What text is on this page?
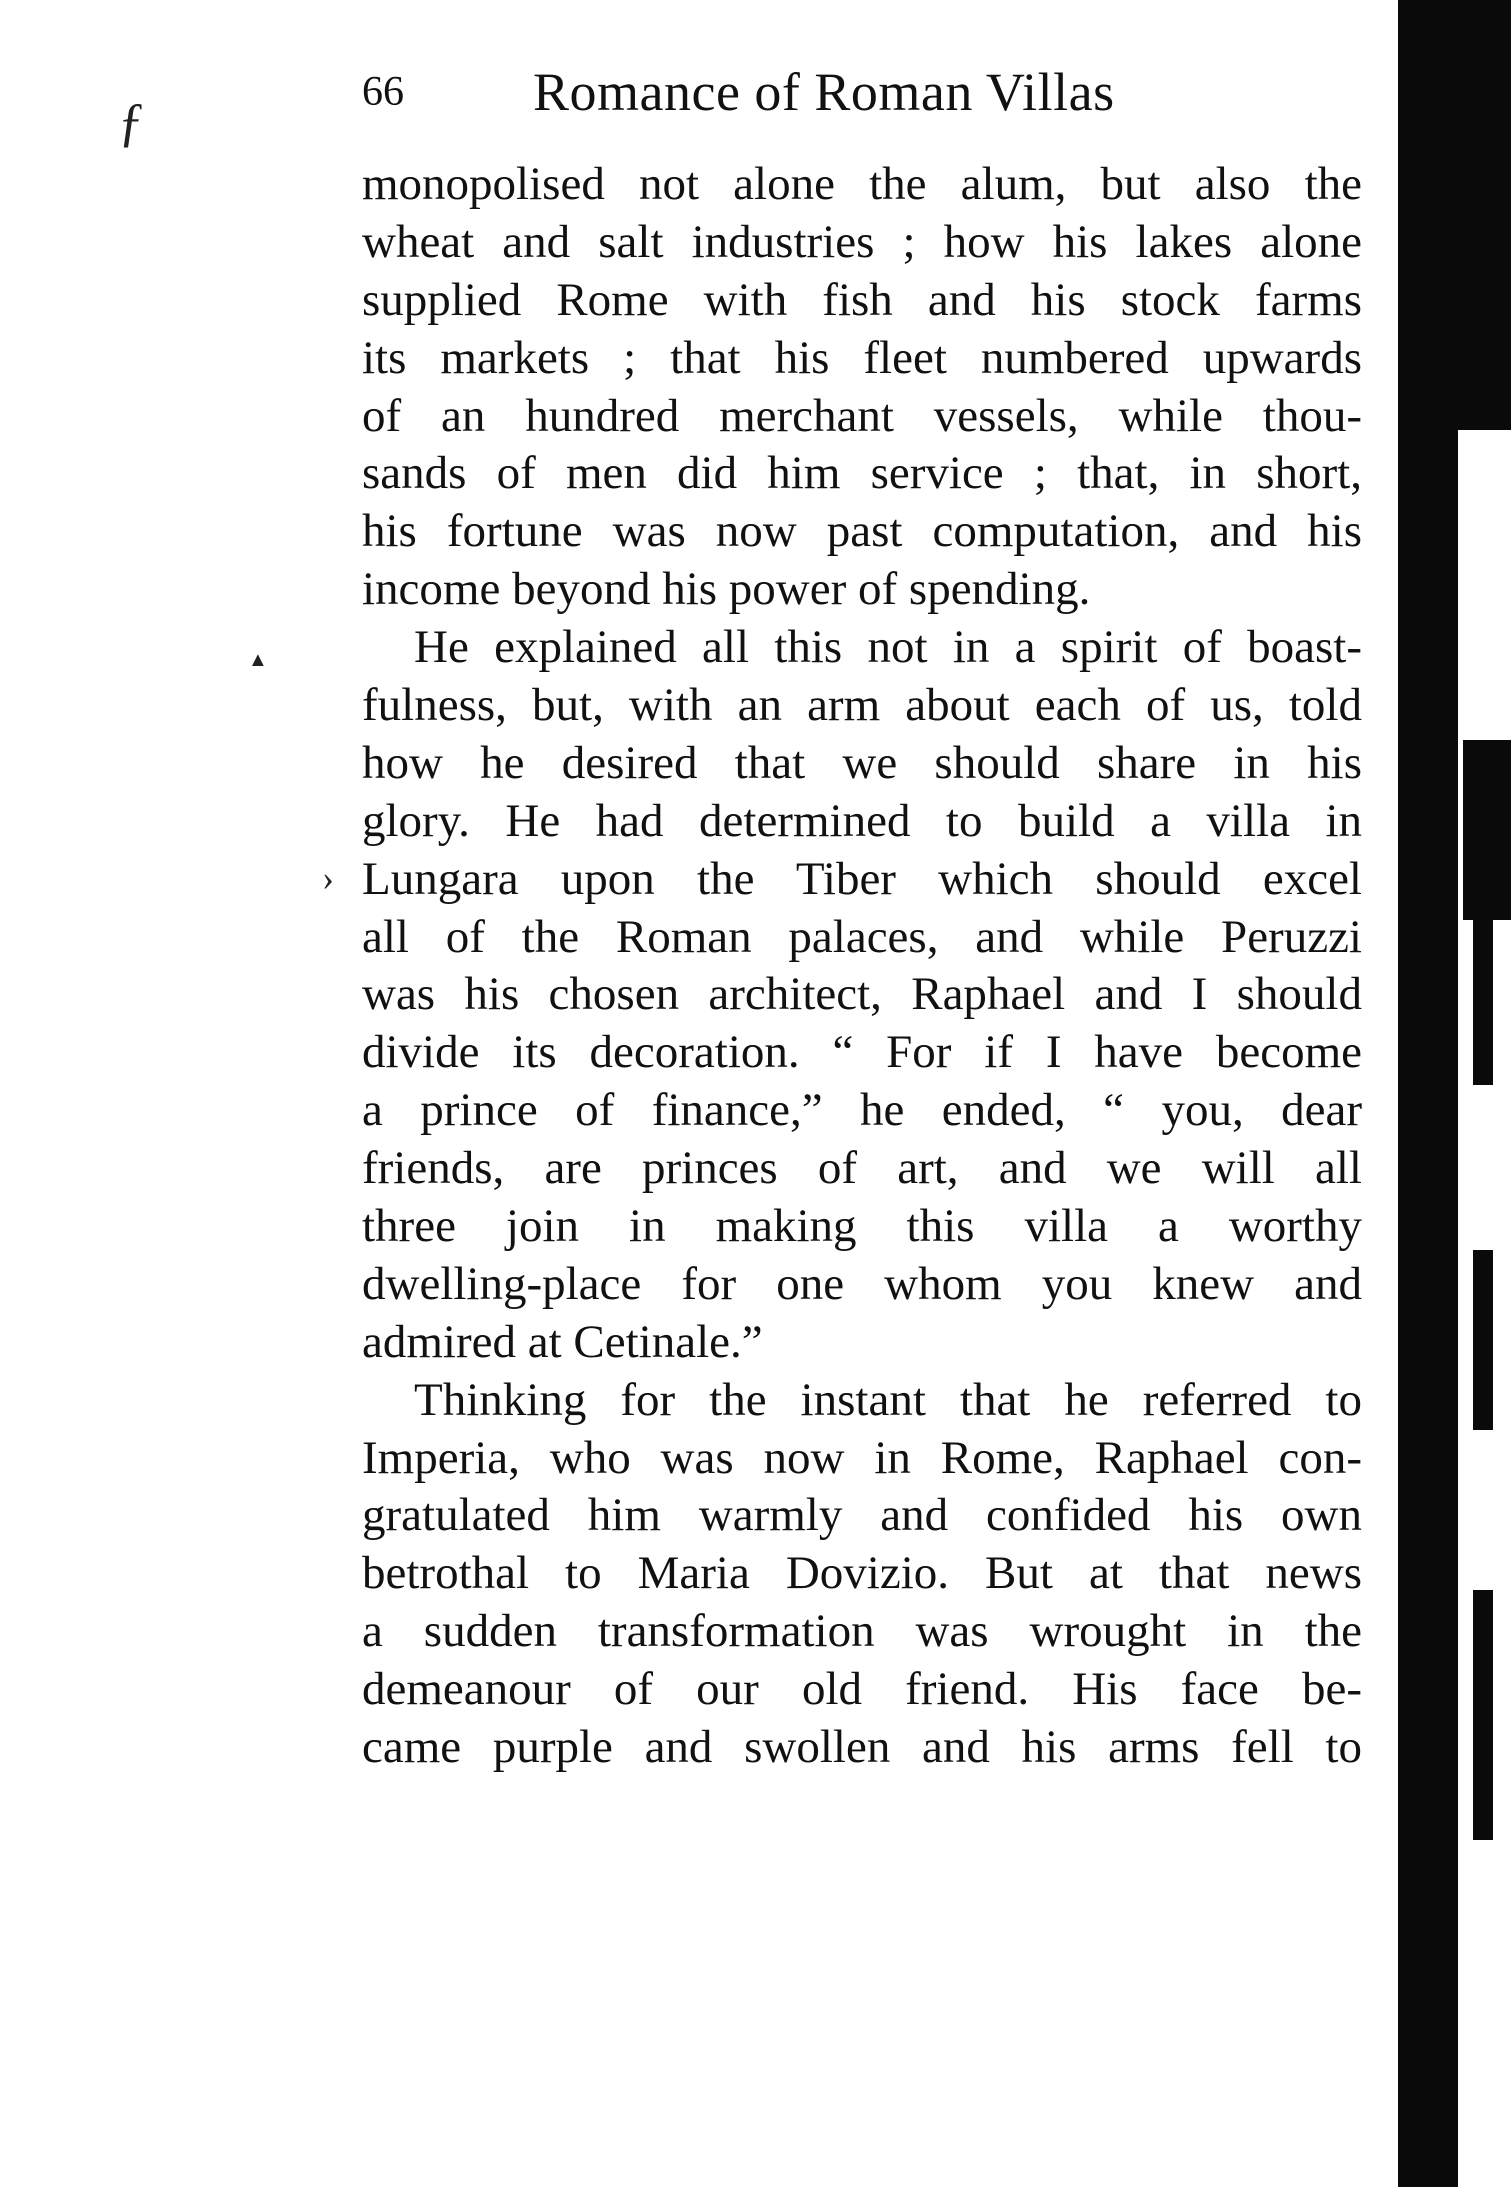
66 Romance of Roman Villas
monopolised not alone the alum, but also the
wheat and salt industries ; how his lakes alone
supplied Rome with fish and his stock farms
its markets ; that his fleet numbered upwards
of an hundred merchant vessels, while thou-
sands of men did him service ; that, in short,
his fortune was now past computation, and his
income beyond his power of spending.
He explained all this not in a spirit of boast-
fulness, but, with an arm about each of us, told
how he desired that we should share in his
glory. He had determined to build a villa in
Lungara upon the Tiber which should excel
all of the Roman palaces, and while Peruzzi
was his chosen architect, Raphael and I should
divide its decoration. “ For if I have become
a prince of finance,” he ended, “ you, dear
friends, are princes of art, and we will all
three join in making this villa a worthy
dwelling-place for one whom you knew and
admired at Cetinale.”
Thinking for the instant that he referred to
Imperia, who was now in Rome, Raphael con-
gratulated him warmly and confided his own
betrothal to Maria Dovizio. But at that news
a sudden transformation was wrought in the
demeanour of our old friend. His face be-
came purple and swollen and his arms fell to
ƒ
▲
›
